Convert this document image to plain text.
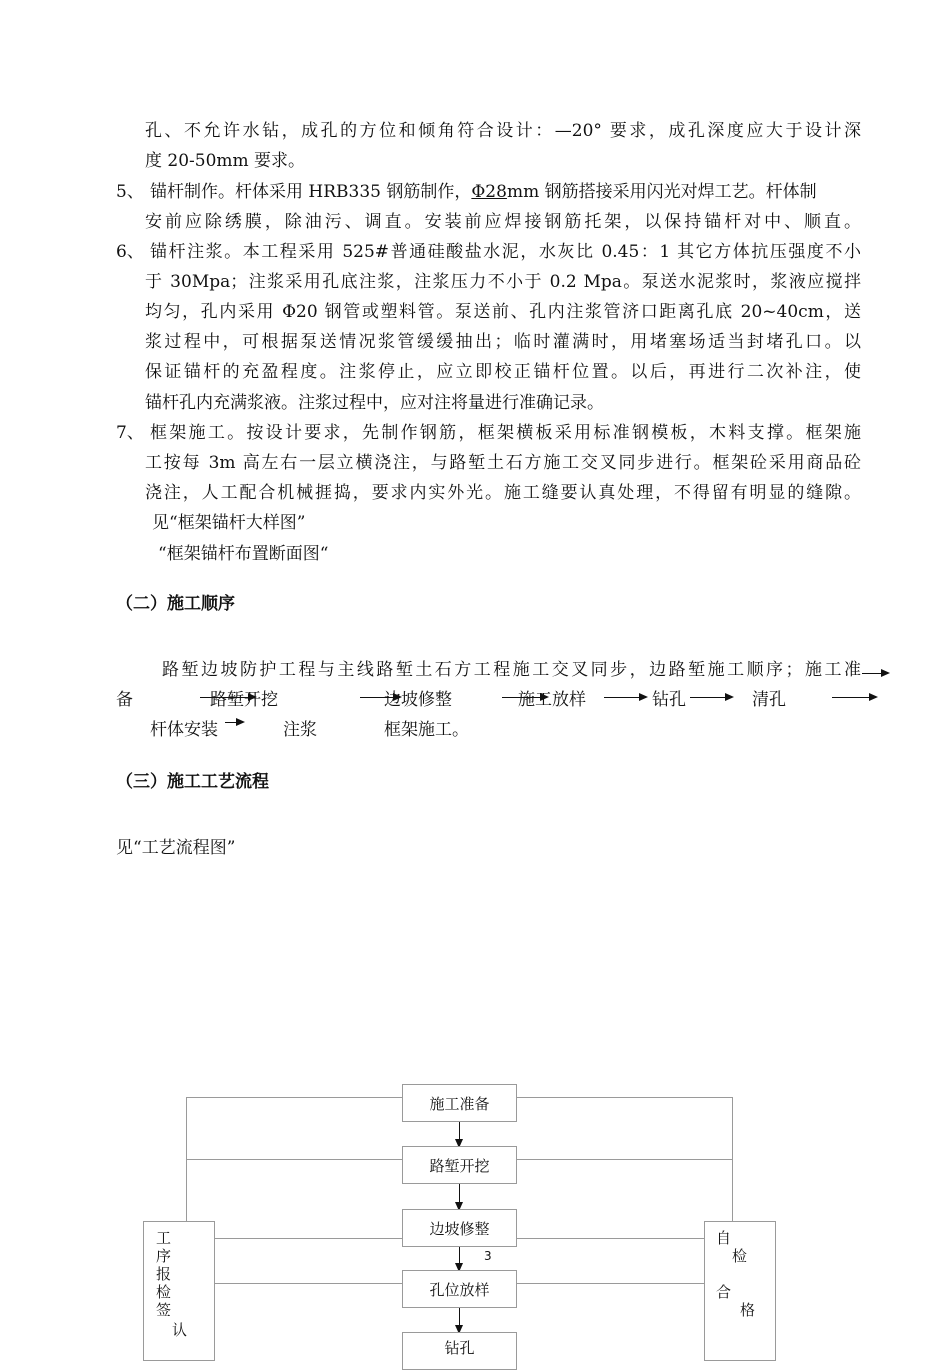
孔、不允许水钻，成孔的方位和倾角符合设计：—20° 要求，成孔深度应大于设计深
度 20-50mm 要求。
5、 锚杆制作。杆体采用 HRB335 钢筋制作，Φ28mm 钢筋搭接采用闪光对焊工艺。杆体制
安前应除绣膜，除油污、调直。安装前应焊接钢筋托架，以保持锚杆对中、顺直。
6、 锚杆注浆。本工程采用 525#普通硅酸盐水泥，水灰比 0.45：1 其它方体抗压强度不小
于 30Mpa；注浆采用孔底注浆，注浆压力不小于 0.2 Mpa。泵送水泥浆时，浆液应搅拌
均匀，孔内采用 Φ20 钢管或塑料管。泵送前、孔内注浆管济口距离孔底 20~40cm，送
浆过程中，可根据泵送情况浆管缓缓抽出；临时灌满时，用堵塞场适当封堵孔口。以
保证锚杆的充盈程度。注浆停止，应立即校正锚杆位置。以后，再进行二次补注，使
锚杆孔内充满浆液。注浆过程中，应对注将量进行准确记录。
7、 框架施工。按设计要求，先制作钢筋，框架横板采用标准钢模板，木料支撑。框架施
工按每 3m 高左右一层立横浇注，与路堑土石方施工交叉同步进行。框架砼采用商品砼
浇注，人工配合机械捱捣，要求内实外光。施工缝要认真处理，不得留有明显的缝隙。
见“框架锚杆大样图”
“框架锚杆布置断面图“
（二）施工顺序
路堑边坡防护工程与主线路堑土石方工程施工交叉同步，边路堑施工顺序；施工准
备	路堑开挖	边坡修整	施工放样	钻孔	清孔
杆体安装	注浆	框架施工。
（三）施工工艺流程
见“工艺流程图”
施工准备
路堑开挖
边坡修整
3
孔位放样
钻孔
工
序
报
检
签
认
自
检
合
格
